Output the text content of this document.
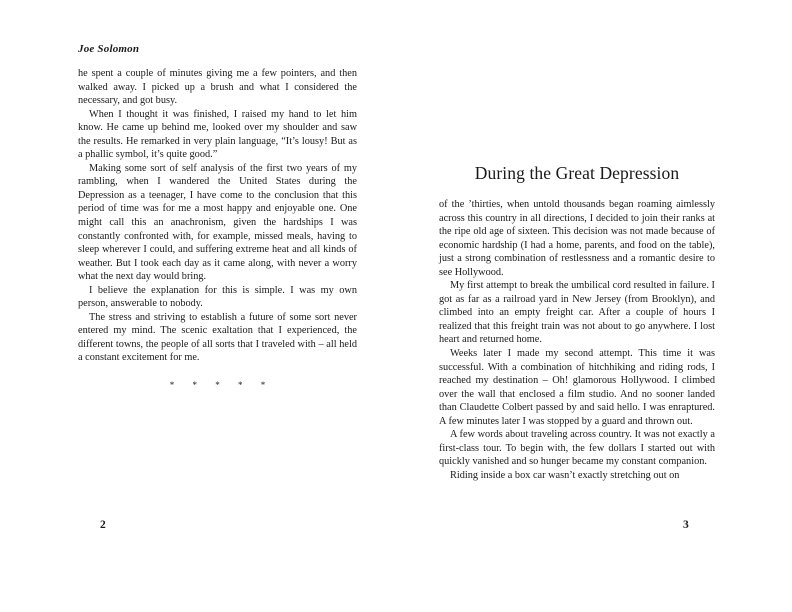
Joe Solomon

he spent a couple of minutes giving me a few pointers, and then walked away. I picked up a brush and what I considered the necessary, and got busy.

When I thought it was finished, I raised my hand to let him know. He came up behind me, looked over my shoulder and saw the results. He remarked in very plain language, “It’s lousy! But as a phallic symbol, it’s quite good.”

Making some sort of self analysis of the first two years of my rambling, when I wandered the United States during the Depression as a teenager, I have come to the conclusion that this period of time was for me a most happy and enjoyable one. One might call this an anachronism, given the hardships I was constantly confronted with, for example, missed meals, having to sleep wherever I could, and suffering extreme heat and all kinds of weather. But I took each day as it came along, with never a worry what the next day would bring.

I believe the explanation for this is simple. I was my own person, answerable to nobody.

The stress and striving to establish a future of some sort never entered my mind. The scenic exaltation that I experienced, the different towns, the people of all sorts that I traveled with – all held a constant excitement for me.

* * * * *
2
During the Great Depression

of the ’thirties, when untold thousands began roaming aimlessly across this country in all directions, I decided to join their ranks at the ripe old age of sixteen. This decision was not made because of economic hardship (I had a home, parents, and food on the table), just a strong combination of restlessness and a romantic desire to see Hollywood.

My first attempt to break the umbilical cord resulted in failure. I got as far as a railroad yard in New Jersey (from Brooklyn), and climbed into an empty freight car. After a couple of hours I realized that this freight train was not about to go anywhere. I lost heart and returned home.

Weeks later I made my second attempt. This time it was successful. With a combination of hitchhiking and riding rods, I reached my destination – Oh! glamorous Hollywood. I climbed over the wall that enclosed a film studio. And no sooner landed than Claudette Colbert passed by and said hello. I was enraptured. A few minutes later I was stopped by a guard and thrown out.

A few words about traveling across country. It was not exactly a first-class tour. To begin with, the few dollars I started out with quickly vanished and so hunger became my constant companion.

Riding inside a box car wasn’t exactly stretching out on

3
